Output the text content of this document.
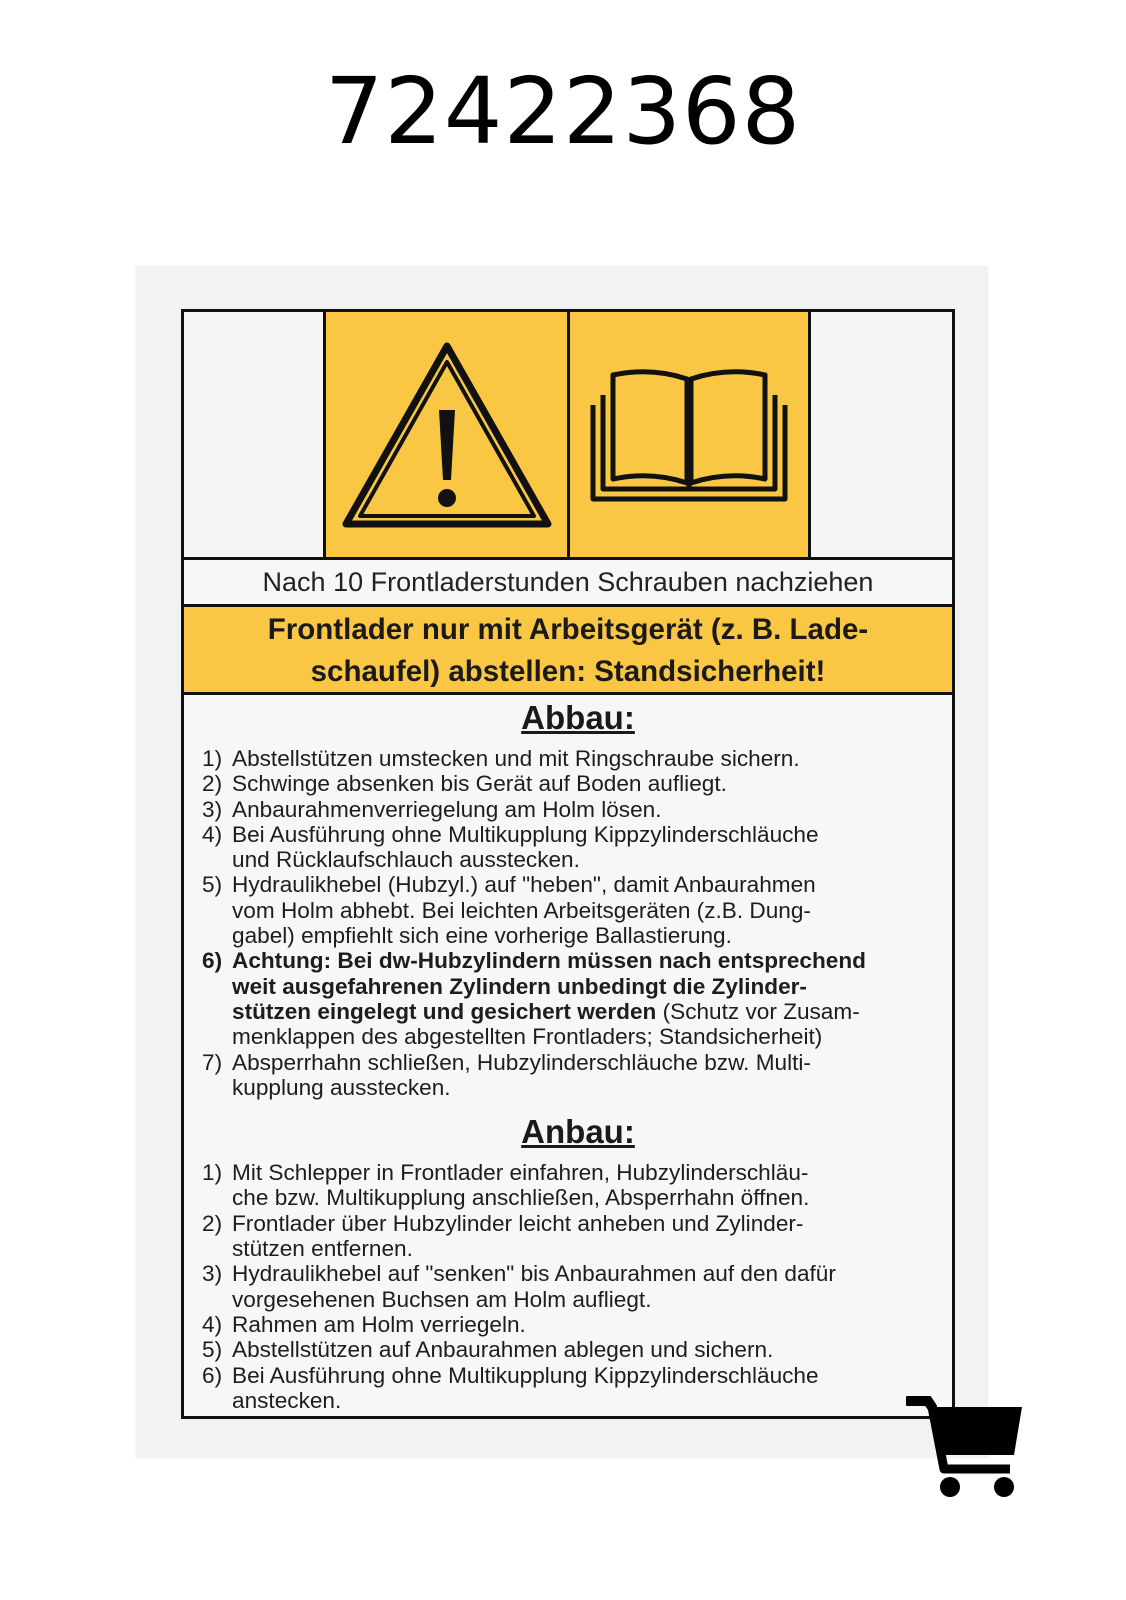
72422368
Nach 10 Frontladerstunden Schrauben nachziehen
Frontlader nur mit Arbeitsgerät (z. B. Lade-
schaufel) abstellen: Standsicherheit!
Abbau:
1) Abstellstützen umstecken und mit Ringschraube sichern.
2) Schwinge absenken bis Gerät auf Boden aufliegt.
3) Anbaurahmenverriegelung am Holm lösen.
4) Bei Ausführung ohne Multikupplung Kippzylinderschläuche
und Rücklaufschlauch ausstecken.
5) Hydraulikhebel (Hubzyl.) auf "heben", damit Anbaurahmen
vom Holm abhebt. Bei leichten Arbeitsgeräten (z.B. Dung-
gabel) empfiehlt sich eine vorherige Ballastierung.
6) Achtung: Bei dw-Hubzylindern müssen nach entsprechend
weit ausgefahrenen Zylindern unbedingt die Zylinder-
stützen eingelegt und gesichert werden (Schutz vor Zusam-
menklappen des abgestellten Frontladers; Standsicherheit)
7) Absperrhahn schließen, Hubzylinderschläuche bzw. Multi-
kupplung ausstecken.
Anbau:
1) Mit Schlepper in Frontlader einfahren, Hubzylinderschläu-
che bzw. Multikupplung anschließen, Absperrhahn öffnen.
2) Frontlader über Hubzylinder leicht anheben und Zylinder-
stützen entfernen.
3) Hydraulikhebel auf "senken" bis Anbaurahmen auf den dafür
vorgesehenen Buchsen am Holm aufliegt.
4) Rahmen am Holm verriegeln.
5) Abstellstützen auf Anbaurahmen ablegen und sichern.
6) Bei Ausführung ohne Multikupplung Kippzylinderschläuche
anstecken.
